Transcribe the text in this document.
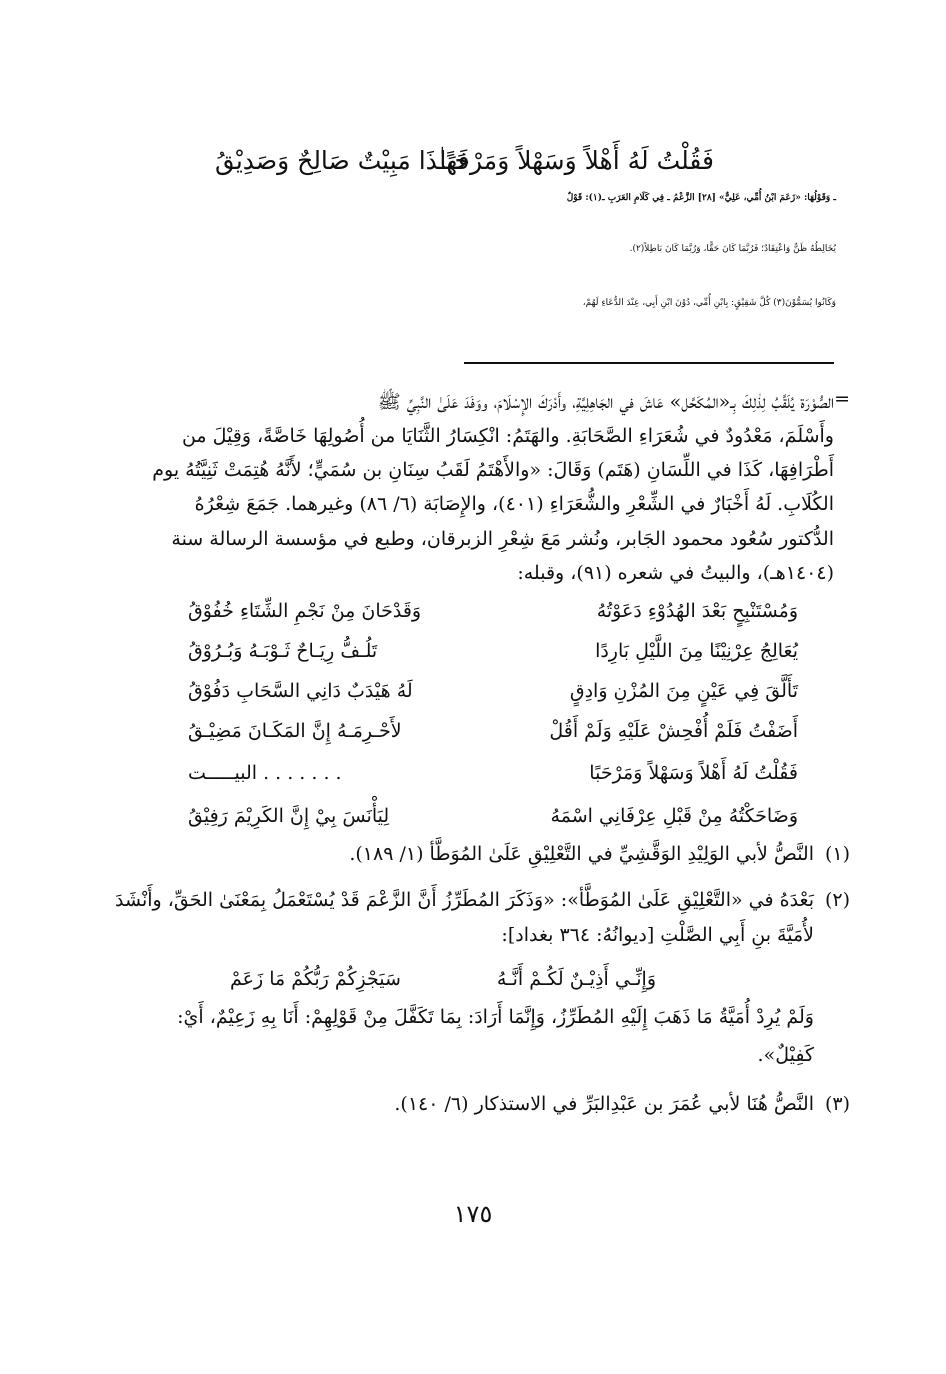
فَقُلْتُ لَهُ أَهْلاً وَسَهْلاً وَمَرْحَبًا
فَهَـٰذَا مَبِيْتٌ صَالِحٌ وَصَدِيْقُ
ـ وَقَوْلُهَا: «زَعَمَ ابْنُ أُمِّي، عَلِيٌّ» [٢٨] الزَّعْمُ ـ فِي كَلَامِ العَرَبِ ـ(١): قَوْلٌ
يُخَالِطُهُ ظَنٌّ وَاعْتِقَادٌ؛ فَرُبَّمَا كَانَ حَقًّا، وَرُبَّمَا كَانَ بَاطِلاً(٢).
وَكَانُوا يُسَمُّوْنَ(٣) كُلَّ شَقِيْقٍ: بِابْنِ أُمِّي، دُوْنَ ابْنِ أَبِي، عِنْدَ الدُّعَاءِ لَهُمْ،
=
الصُّوْرَة يُلَقَّبُ لِذٰلِكَ بِـ«المُكَحَّل» عَاشَ في الجَاهِلِيَّةِ، وأَدْرَكَ الإِسْلَامَ، ووَفَدَ عَلَىٰ النَّبِيِّ ﷺ
وأَسْلَمَ، مَعْدُودٌ في شُعَرَاءِ الصَّحَابَةِ. والهَتَمُ: انْكِسَارُ الثَّنَايَا من أُصُولِهَا خَاصَّةً، وَقِيْلَ من
أَطْرَافِهَا، كَذَا في اللِّسَانِ (هَتَم) وَقَالَ: «والأَهْتَمُ لَقَبُ سِنَانِ بن سُمَيٍّ؛ لأَنَّهُ هُتِمَتْ ثَنِيَّتُهُ يوم
الكُلَابِ. لَهُ أَخْبَارٌ في الشِّعْرِ والشُّعَرَاءِ (٤٠١)، والإِصَابَة (٦/ ٨٦) وغيرهما. جَمَعَ شِعْرُهُ
الدُّكتور سُعُود محمود الجَابر، ونُشر مَعَ شِعْرِ الزبرقان، وطبع في مؤسسة الرسالة سنة
(١٤٠٤هـ)، والبيتُ في شعره (٩١)، وقبله:
وَمُسْتَنْبِحٍ بَعْدَ الهُدُوْءِ دَعَوْتُهُ
وَقَدْحَانَ مِنْ نَجْمِ الشِّتَاءِ خُفُوْقُ
يُعَالِجُ عِرْنِيْنًا مِنَ اللَّيْلِ بَارِدًا
تَلُـفُّ رِيَـاحٌ ثَـوْبَـهُ وَبُـرُوْقُ
تَأَلَّقَ فِي عَيْنٍ مِنَ المُزْنِ وَادِقٍ
لَهُ هَيْدَبٌ دَانِي السَّحَابِ دَفُوْقُ
أَضَفْتُ فَلَمْ أُفْحِشْ عَلَيْهِ وَلَمْ أَقُلْ
لأَحْـرِمَـهُ إِنَّ المَكَـانَ مَضِيْـقُ
فَقُلْتُ لَهُ أَهْلاً وَسَهْلاً وَمَرْحَبًا
. . . . . . . البيـــــت
وَضَاحَكْتُهُ مِنْ قَبْلِ عِرْفَانِي اسْمَهُ
لِيَأْنَسَ بِيْ إِنَّ الكَرِيْمَ رَفِيْقُ
(١)
النَّصُّ لأبي الوَلِيْدِ الوَقَّشِيِّ في التَّعْلِيْقِ عَلَىٰ المُوَطَّأ (١/ ١٨٩).
(٢)
بَعْدَهُ في «التَّعْلِيْقِ عَلَىٰ المُوَطَّأ»: «وَذَكَرَ المُطَرِّزُ أَنَّ الزَّعْمَ قَدْ يُسْتَعْمَلُ بِمَعْنَىٰ الحَقِّ، وأَنْشَدَ
لأُمَيَّةَ بنِ أَبِي الصَّلْتِ [ديوانُهُ: ٣٦٤ بغداد]:
وَإِنِّـي أَذِيْـنٌ لَكُـمْ أَنَّـهُ
سَيَجْزِكُمْ رَبُّكُمْ مَا زَعَمْ
وَلَمْ يُرِدْ أُمَيَّةُ مَا ذَهَبَ إِلَيْهِ المُطَرِّزُ، وَإِنَّمَا أَرَادَ: بِمَا تَكَفَّلَ مِنْ قَوْلِهِمْ: أَنَا بِهِ زَعِيْمٌ، أَيْ:
كَفِيْلٌ».
(٣)
النَّصُّ هُنَا لأبي عُمَرَ بن عَبْدِالبَرِّ في الاستذكار (٦/ ١٤٠).
١٧٥
